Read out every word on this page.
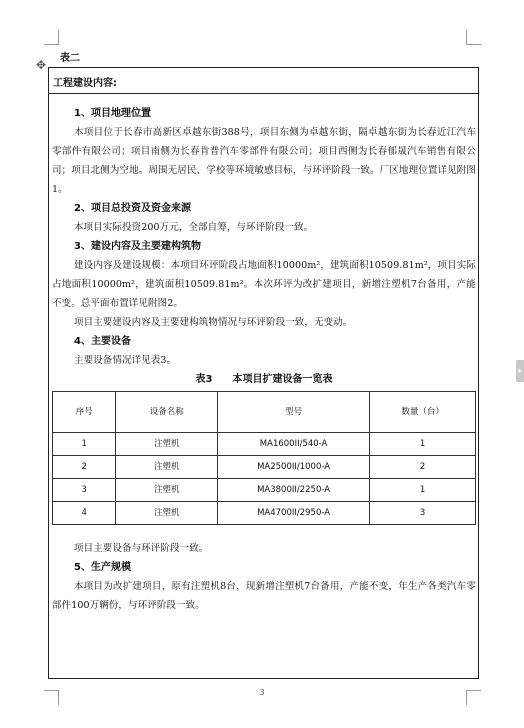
✥ 表二
工程建设内容:
1、项目地理位置
本项目位于长春市高新区卓越东街388号，项目东侧为卓越东街，隔卓越东街为长春近江汽车零部件有限公司；项目南侧为长春肯普汽车零部件有限公司；项目西侧为长春郁晟汽车销售有限公司；项目北侧为空地。周围无居民、学校等环境敏感目标，与环评阶段一致。厂区地理位置详见附图1。
2、项目总投资及资金来源
本项目实际投资200万元，全部自筹，与环评阶段一致。
3、建设内容及主要建构筑物
建设内容及建设规模：本项目环评阶段占地面积10000m²，建筑面积10509.81m²，项目实际占地面积10000m²，建筑面积10509.81m²。本次环评为改扩建项目，新增注塑机7台备用，产能不变。总平面布置详见附图2。
项目主要建设内容及主要建构筑物情况与环评阶段一致，无变动。
4、主要设备
主要设备情况详见表3。
表3　　本项目扩建设备一览表
序号	设备名称	型号	数量（台）
1	注塑机	MA1600II/540-A	1
2	注塑机	MA2500II/1000-A	2
3	注塑机	MA3800II/2250-A	1
4	注塑机	MA4700II/2950-A	3
项目主要设备与环评阶段一致。
5、生产规模
本项目为改扩建项目，原有注塑机8台，现新增注塑机7台备用，产能不变，年生产各类汽车零部件100万辆份，与环评阶段一致。
3
▸
